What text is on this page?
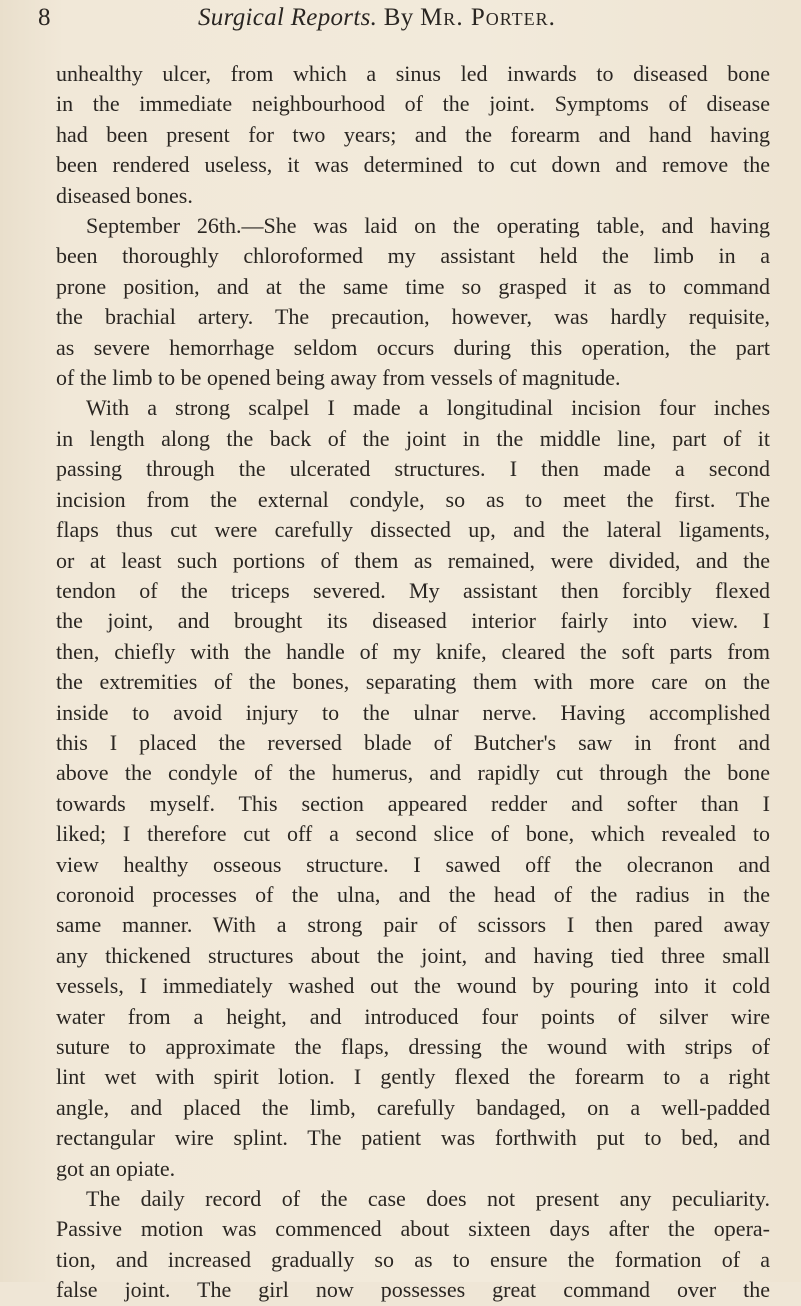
8	Surgical Reports. By Mr. Porter.

unhealthy ulcer, from which a sinus led inwards to diseased bone

in the immediate neighbourhood of the joint. Symptoms of disease

had been present for two years; and the forearm and hand having

been rendered useless, it was determined to cut down and remove the

diseased bones.

September 26th.—She was laid on the operating table, and having

been thoroughly chloroformed my assistant held the limb in a

prone position, and at the same time so grasped it as to command

the brachial artery. The precaution, however, was hardly requisite,

as severe hemorrhage seldom occurs during this operation, the part

of the limb to be opened being away from vessels of magnitude.

With a strong scalpel I made a longitudinal incision four inches

in length along the back of the joint in the middle line, part of it

passing through the ulcerated structures. I then made a second

incision from the external condyle, so as to meet the first. The

flaps thus cut were carefully dissected up, and the lateral ligaments,

or at least such portions of them as remained, were divided, and the

tendon of the triceps severed. My assistant then forcibly flexed

the joint, and brought its diseased interior fairly into view. I

then, chiefly with the handle of my knife, cleared the soft parts from

the extremities of the bones, separating them with more care on the

inside to avoid injury to the ulnar nerve. Having accomplished

this I placed the reversed blade of Butcher's saw in front and

above the condyle of the humerus, and rapidly cut through the bone

towards myself. This section appeared redder and softer than I

liked; I therefore cut off a second slice of bone, which revealed to

view healthy osseous structure. I sawed off the olecranon and

coronoid processes of the ulna, and the head of the radius in the

same manner. With a strong pair of scissors I then pared away

any thickened structures about the joint, and having tied three small

vessels, I immediately washed out the wound by pouring into it cold

water from a height, and introduced four points of silver wire

suture to approximate the flaps, dressing the wound with strips of

lint wet with spirit lotion. I gently flexed the forearm to a right

angle, and placed the limb, carefully bandaged, on a well-padded

rectangular wire splint. The patient was forthwith put to bed, and

got an opiate.

The daily record of the case does not present any peculiarity.

Passive motion was commenced about sixteen days after the opera-

tion, and increased gradually so as to ensure the formation of a

false joint. The girl now possesses great command over the
